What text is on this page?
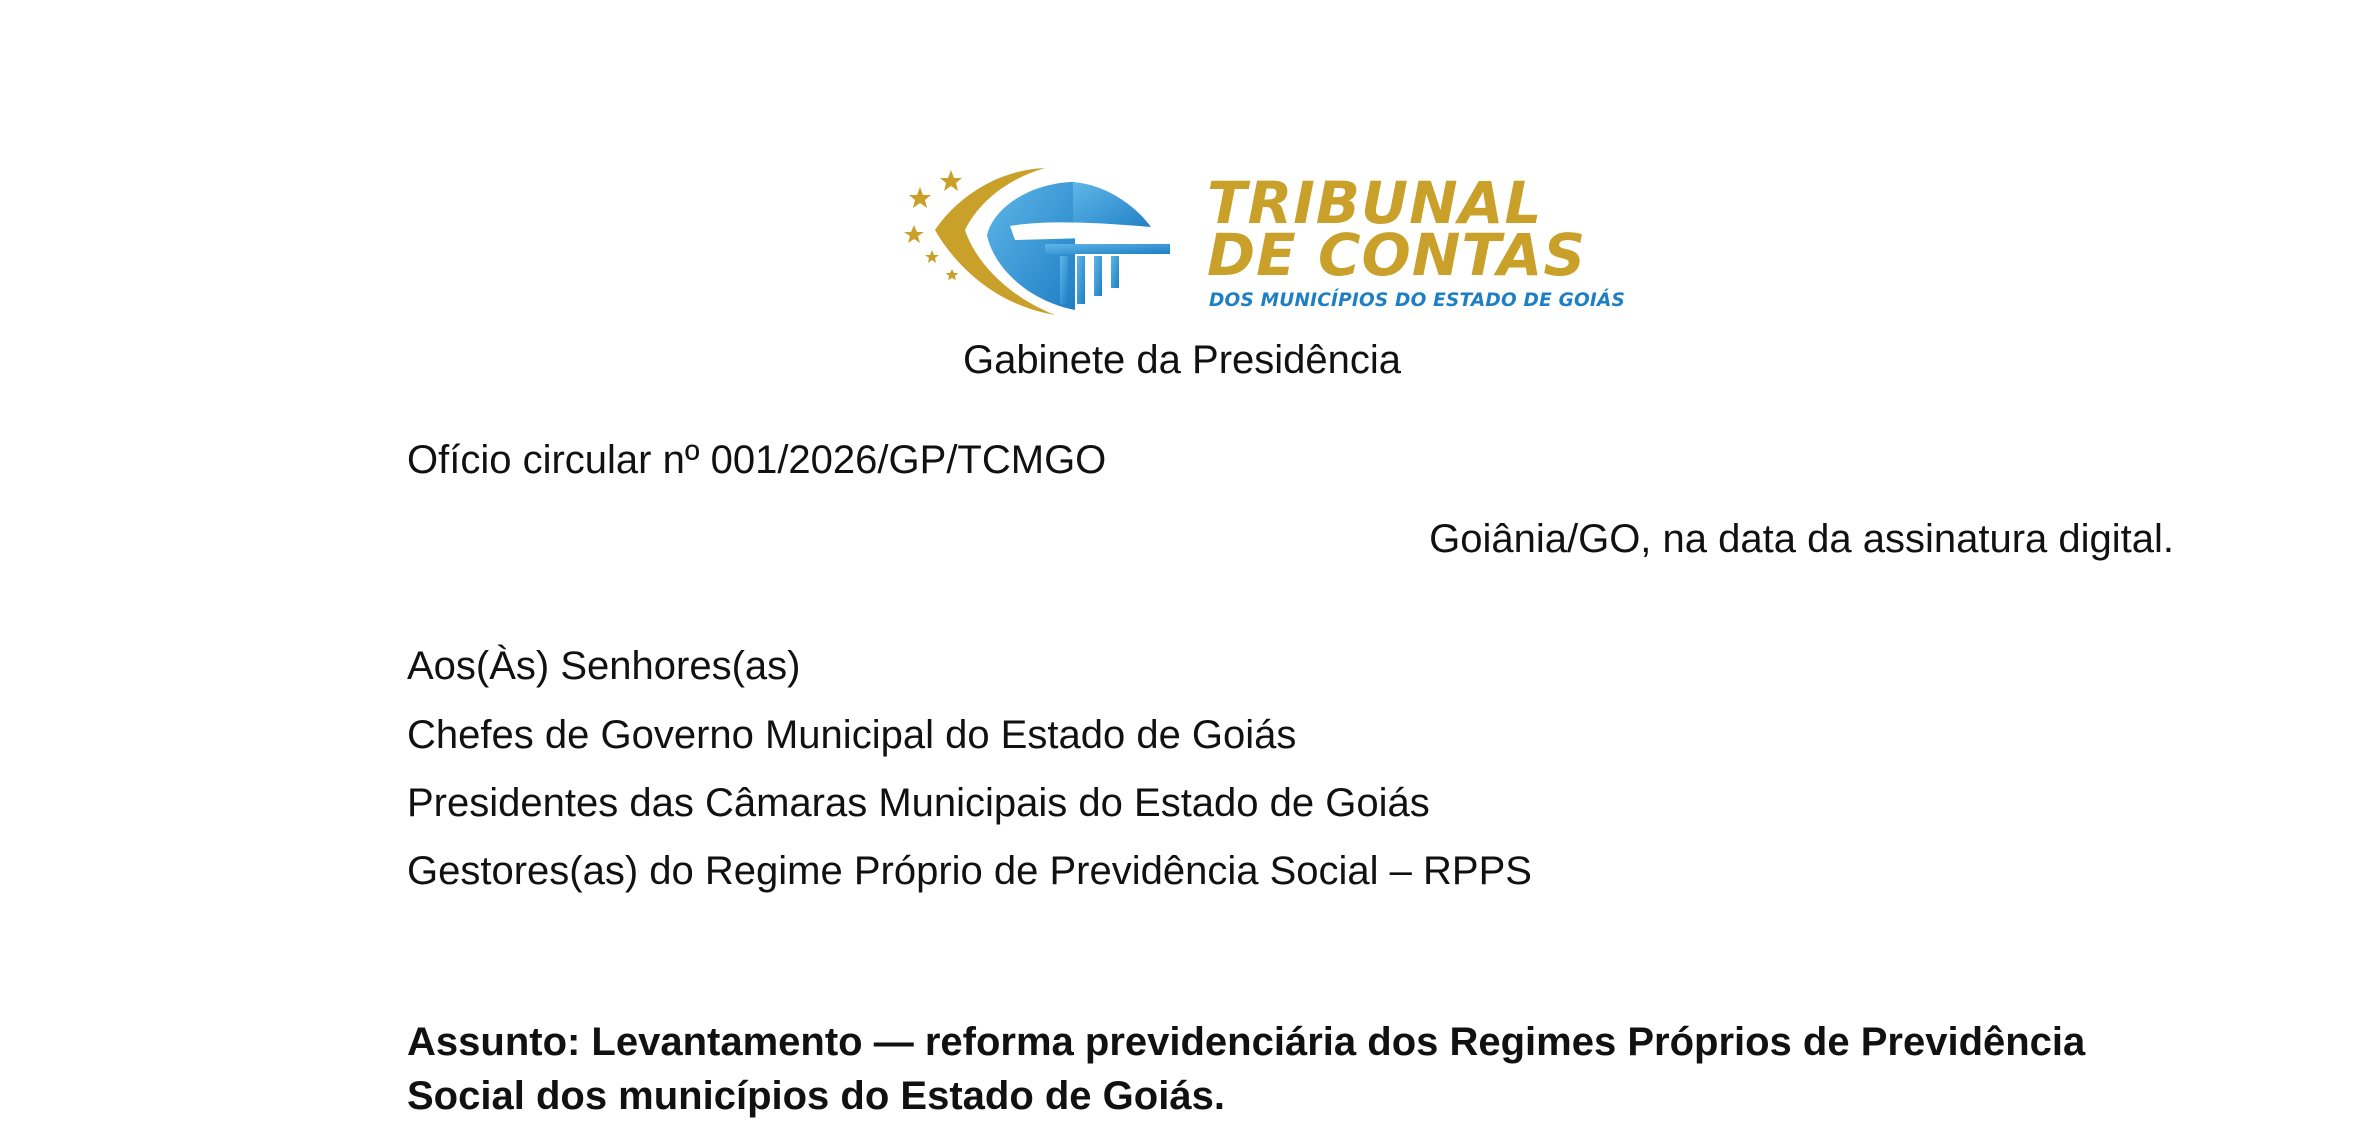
TRIBUNAL
DE CONTAS
DOS MUNICÍPIOS DO ESTADO DE GOIÁS
Gabinete da Presidência
Ofício circular nº 001/2026/GP/TCMGO
Goiânia/GO, na data da assinatura digital.
Aos(Às) Senhores(as)
Chefes de Governo Municipal do Estado de Goiás
Presidentes das Câmaras Municipais do Estado de Goiás
Gestores(as) do Regime Próprio de Previdência Social – RPPS
Assunto: Levantamento — reforma previdenciária dos Regimes Próprios de Previdência Social dos municípios do Estado de Goiás.
